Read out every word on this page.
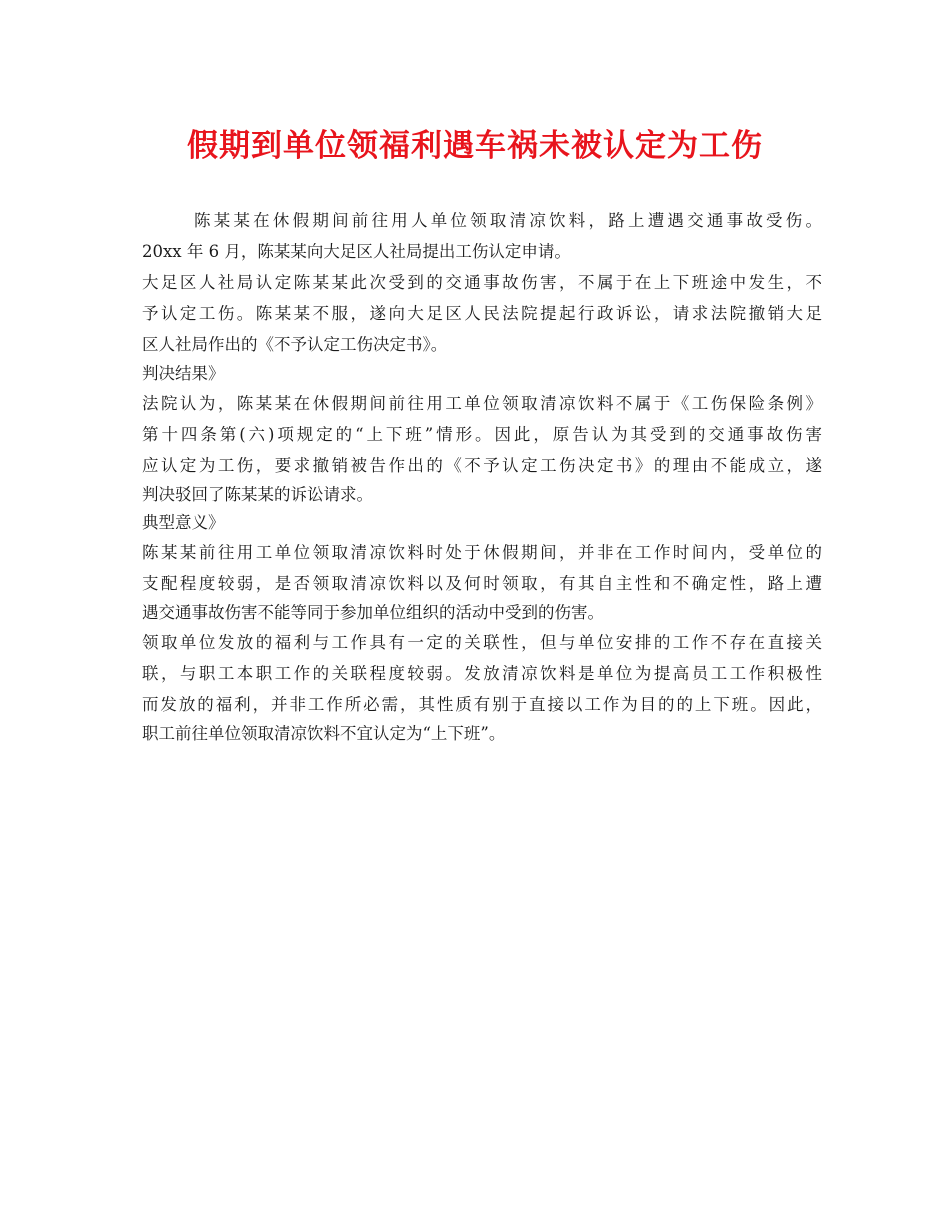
假期到单位领福利遇车祸未被认定为工伤
陈某某在休假期间前往用人单位领取清凉饮料，路上遭遇交通事故受伤。
20xx 年 6 月，陈某某向大足区人社局提出工伤认定申请。
大足区人社局认定陈某某此次受到的交通事故伤害，不属于在上下班途中发生，不
予认定工伤。陈某某不服，遂向大足区人民法院提起行政诉讼，请求法院撤销大足
区人社局作出的《不予认定工伤决定书》。
判决结果》
法院认为，陈某某在休假期间前往用工单位领取清凉饮料不属于《工伤保险条例》
第十四条第(六)项规定的“上下班”情形。因此，原告认为其受到的交通事故伤害
应认定为工伤，要求撤销被告作出的《不予认定工伤决定书》的理由不能成立，遂
判决驳回了陈某某的诉讼请求。
典型意义》
陈某某前往用工单位领取清凉饮料时处于休假期间，并非在工作时间内，受单位的
支配程度较弱，是否领取清凉饮料以及何时领取，有其自主性和不确定性，路上遭
遇交通事故伤害不能等同于参加单位组织的活动中受到的伤害。
领取单位发放的福利与工作具有一定的关联性，但与单位安排的工作不存在直接关
联，与职工本职工作的关联程度较弱。发放清凉饮料是单位为提高员工工作积极性
而发放的福利，并非工作所必需，其性质有别于直接以工作为目的的上下班。因此，
职工前往单位领取清凉饮料不宜认定为“上下班”。
